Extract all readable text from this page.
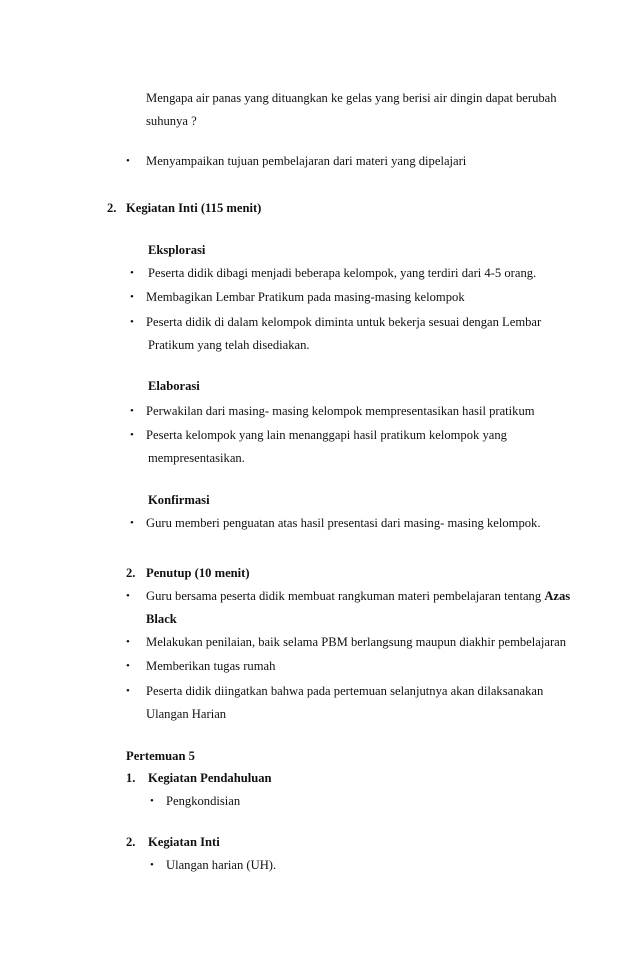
Mengapa air panas yang dituangkan ke gelas yang berisi air dingin dapat berubah
suhunya ?
• Menyampaikan tujuan pembelajaran dari materi yang dipelajari
2. Kegiatan Inti (115 menit)
Eksplorasi
• Peserta didik dibagi menjadi beberapa kelompok, yang terdiri dari 4-5 orang.
• Membagikan Lembar Pratikum pada masing-masing kelompok
• Peserta didik di dalam kelompok diminta untuk bekerja sesuai dengan Lembar
Pratikum yang telah disediakan.
Elaborasi
• Perwakilan dari masing- masing kelompok mempresentasikan hasil pratikum
• Peserta kelompok yang lain menanggapi hasil pratikum kelompok yang
mempresentasikan.
Konfirmasi
• Guru memberi penguatan atas hasil presentasi dari masing- masing kelompok.
2. Penutup (10 menit)
• Guru bersama peserta didik membuat rangkuman materi pembelajaran tentang Azas
Black
• Melakukan penilaian, baik selama PBM berlangsung maupun diakhir pembelajaran
• Memberikan tugas rumah
• Peserta didik diingatkan bahwa pada pertemuan selanjutnya akan dilaksanakan
Ulangan Harian
Pertemuan 5
1. Kegiatan Pendahuluan
• Pengkondisian
2. Kegiatan Inti
• Ulangan harian (UH).
